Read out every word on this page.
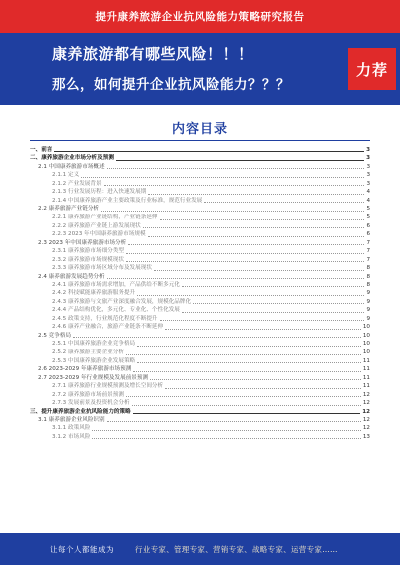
提升康养旅游企业抗风险能力策略研究报告
康养旅游都有哪些风险！！！
那么，如何提升企业抗风险能力？？？
力荐
内容目录
一、前言	3
二、康养旅游企业市场分析及预测	3
2.1 中国康养旅游市场概述	3
2.1.1 定义	3
2.1.2 产业发展背景	3
2.1.3 行业发展历程：进入快速发展期	4
2.1.4 中国康养旅游产业主要政策及行业标准，规范行业发展	4
2.2 康养旅游产业链分析	5
2.2.1 康养旅游产业链结构，产业链条延伸	5
2.2.2 康养旅游产业链上游发展现状	6
2.2.3 2023 年中国康养旅游市场规模	6
2.3 2023 年中国康养旅游市场分析	7
2.3.1 康养旅游市场细分类型	7
2.3.2 康养旅游市场规模现状	7
2.3.3 康养旅游市场区域分布及发展现状	8
2.4 康养旅游发展趋势分析	8
2.4.1 康养旅游市场需求增加，产品供给不断多元化	8
2.4.2 科技赋能康养旅游服务提升	9
2.4.3 康养旅游与文旅产业深度融合发展，规模化品牌化	9
2.4.4 产品结构优化，多元化、专业化、个性化发展	9
2.4.5 政策支持，行业规范化程度不断提升	9
2.4.6 康养产业融合，旅游产业链条不断延伸	10
2.5 竞争格局	10
2.5.1 中国康养旅游企业竞争格局	10
2.5.2 康养旅游主要企业分析	10
2.5.3 中国康养旅游企业发展策略	11
2.6 2023-2029 年康养旅游市场预测	11
2.7 2023-2029 年行业规模及发展前景预测	11
2.7.1 康养旅游行业规模预测及增长空间分析	11
2.7.2 康养旅游市场前景预测	12
2.7.3 发展前景及投资机会分析	12
三、提升康养旅游企业抗风险能力的策略	12
3.1 康养旅游企业风险识别	12
3.1.1 政策风险	12
3.1.2 市场风险	13
让每个人都能成为	行业专家、管理专家、营销专家、战略专家、运营专家……
